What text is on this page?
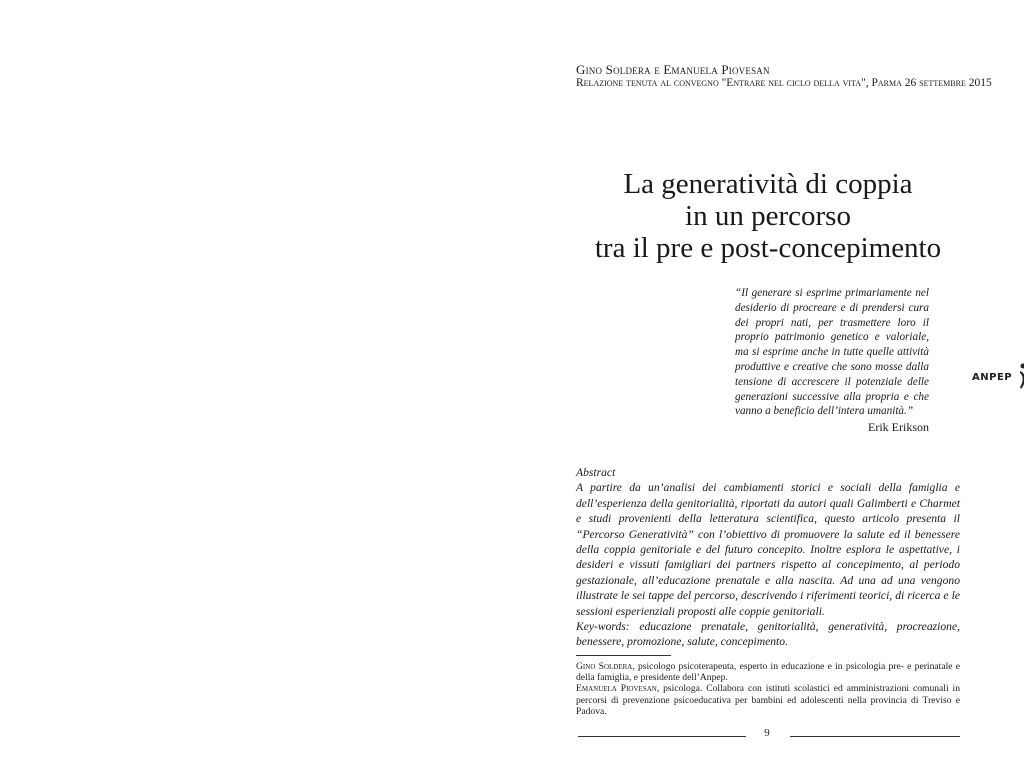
Gino Soldera e Emanuela Piovesan
Relazione tenuta al convegno "Entrare nel ciclo della vita", Parma 26 settembre 2015
La generatività di coppia
in un percorso
tra il pre e post-concepimento
“Il generare si esprime primariamente nel desiderio di procreare e di prendersi cura dei propri nati, per trasmettere loro il proprio patrimonio genetico e valoriale, ma si esprime anche in tutte quelle attività produttive e creative che sono mosse dalla tensione di accrescere il potenziale delle generazioni successive alla propria e che vanno a beneficio dell’intera umanità.”
Erik Erikson
ANPEP

Abstract

A partire da un’analisi dei cambiamenti storici e sociali della famiglia e dell’esperienza della genitorialità, riportati da autori quali Galimberti e Charmet e studi provenienti della letteratura scientifica, questo articolo presenta il “Percorso Generatività” con l’obiettivo di promuovere la salute ed il benessere della coppia genitoriale e del futuro concepito. Inoltre esplora le aspettative, i desideri e vissuti famigliari dei partners rispetto al concepimento, al periodo gestazionale, all’educazione prenatale e alla nascita. Ad una ad una vengono illustrate le sei tappe del percorso, descrivendo i riferimenti teorici, di ricerca e le sessioni esperienziali proposti alle coppie genitoriali.

Key-words: educazione prenatale, genitorialità, generatività, procreazione, benessere, promozione, salute, concepimento.

Gino Soldera, psicologo psicoterapeuta, esperto in educazione e in psicologia pre- e perinatale e della famiglia, e presidente dell’Anpep.

Emanuela Piovesan, psicologa. Collabora con istituti scolastici ed amministrazioni comunali in percorsi di prevenzione psicoeducativa per bambini ed adolescenti nella provincia di Treviso e Padova.

9
